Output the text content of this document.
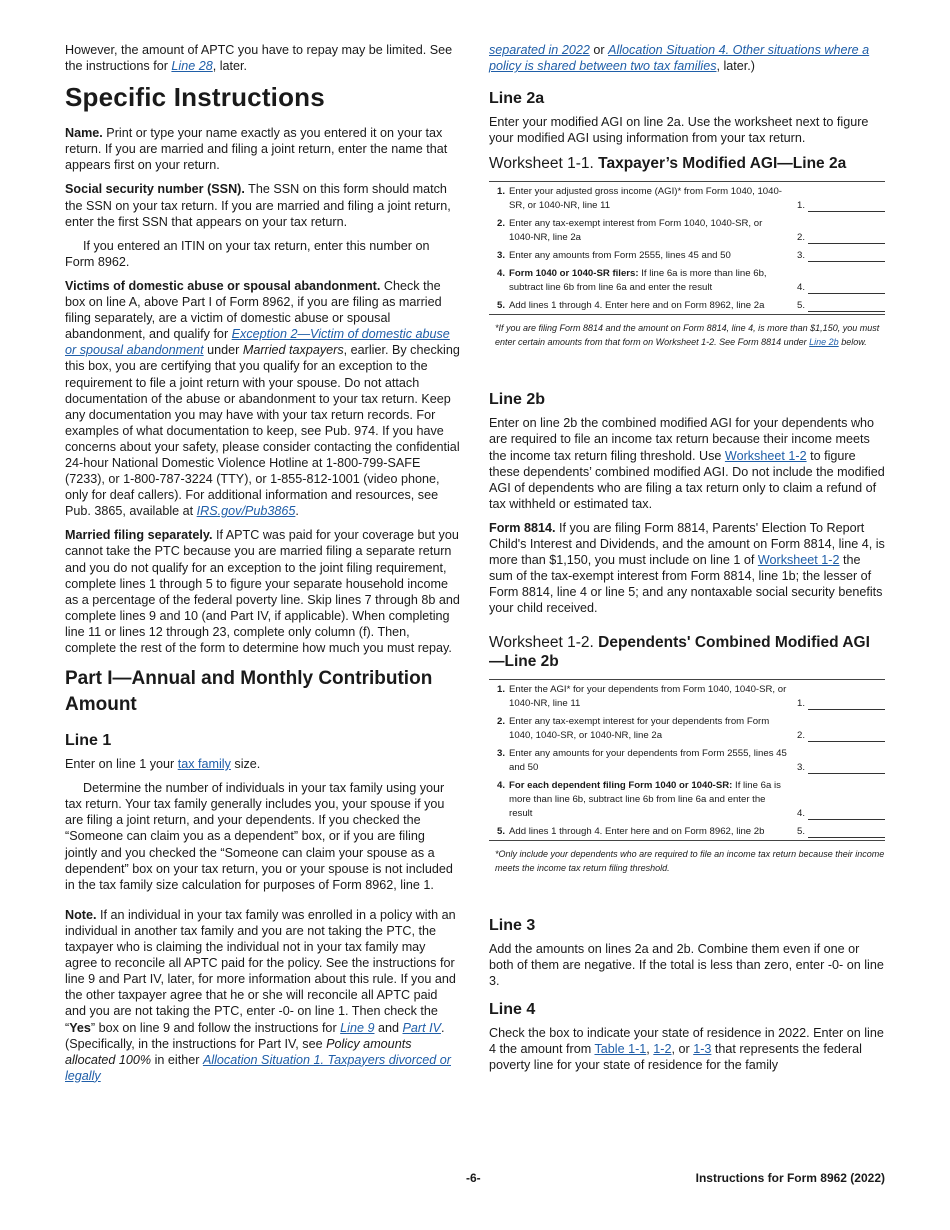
However, the amount of APTC you have to repay may be limited. See the instructions for Line 28, later.

Specific Instructions

Name. Print or type your name exactly as you entered it on your tax return. If you are married and filing a joint return, enter the name that appears first on your return.

Social security number (SSN). The SSN on this form should match the SSN on your tax return. If you are married and filing a joint return, enter the first SSN that appears on your tax return.

If you entered an ITIN on your tax return, enter this number on Form 8962.

Victims of domestic abuse or spousal abandonment. Check the box on line A, above Part I of Form 8962, if you are filing as married filing separately, are a victim of domestic abuse or spousal abandonment, and qualify for Exception 2—Victim of domestic abuse or spousal abandonment under Married taxpayers, earlier. By checking this box, you are certifying that you qualify for an exception to the requirement to file a joint return with your spouse. Do not attach documentation of the abuse or abandonment to your tax return. Keep any documentation you may have with your tax return records. For examples of what documentation to keep, see Pub. 974. If you have concerns about your safety, please consider contacting the confidential 24-hour National Domestic Violence Hotline at 1-800-799-SAFE (7233), or 1-800-787-3224 (TTY), or 1-855-812-1001 (video phone, only for deaf callers). For additional information and resources, see Pub. 3865, available at IRS.gov/Pub3865.

Married filing separately. If APTC was paid for your coverage but you cannot take the PTC because you are married filing a separate return and you do not qualify for an exception to the joint filing requirement, complete lines 1 through 5 to figure your separate household income as a percentage of the federal poverty line. Skip lines 7 through 8b and complete lines 9 and 10 (and Part IV, if applicable). When completing line 11 or lines 12 through 23, complete only column (f). Then, complete the rest of the form to determine how much you must repay.

Part I—Annual and Monthly Contribution Amount
Line 1

Enter on line 1 your tax family size.

Determine the number of individuals in your tax family using your tax return. Your tax family generally includes you, your spouse if you are filing a joint return, and your dependents. If you checked the “Someone can claim you as a dependent” box, or if you are filing jointly and you checked the “Someone can claim your spouse as a dependent” box on your tax return, you or your spouse is not included in the tax family size calculation for purposes of Form 8962, line 1.

Note. If an individual in your tax family was enrolled in a policy with an individual in another tax family and you are not taking the PTC, the taxpayer who is claiming the individual not in your tax family may agree to reconcile all APTC paid for the policy. See the instructions for line 9 and Part IV, later, for more information about this rule. If you and the other taxpayer agree that he or she will reconcile all APTC paid and you are not taking the PTC, enter -0- on line 1. Then check the “Yes” box on line 9 and follow the instructions for Line 9 and Part IV. (Specifically, in the instructions for Part IV, see Policy amounts allocated 100% in either Allocation Situation 1. Taxpayers divorced or legally

separated in 2022 or Allocation Situation 4. Other situations where a policy is shared between two tax families, later.)

Line 2a

Enter your modified AGI on line 2a. Use the worksheet next to figure your modified AGI using information from your tax return.

Worksheet 1-1. Taxpayer’s Modified AGI—Line 2a
1. Enter your adjusted gross income (AGI)* from Form 1040, 1040-SR, or 1040-NR, line 11	1.
2. Enter any tax-exempt interest from Form 1040, 1040-SR, or 1040-NR, line 2a	2.
3. Enter any amounts from Form 2555, lines 45 and 50	3.
4. Form 1040 or 1040-SR filers: If line 6a is more than line 6b, subtract line 6b from line 6a and enter the result	4.
5. Add lines 1 through 4. Enter here and on Form 8962, line 2a	5.
*If you are filing Form 8814 and the amount on Form 8814, line 4, is more than $1,150, you must enter certain amounts from that form on Worksheet 1-2. See Form 8814 under Line 2b below.
Line 2b

Enter on line 2b the combined modified AGI for your dependents who are required to file an income tax return because their income meets the income tax return filing threshold. Use Worksheet 1-2 to figure these dependents’ combined modified AGI. Do not include the modified AGI of dependents who are filing a tax return only to claim a refund of tax withheld or estimated tax.

Form 8814. If you are filing Form 8814, Parents' Election To Report Child's Interest and Dividends, and the amount on Form 8814, line 4, is more than $1,150, you must include on line 1 of Worksheet 1-2 the sum of the tax-exempt interest from Form 8814, line 1b; the lesser of Form 8814, line 4 or line 5; and any nontaxable social security benefits your child received.

Worksheet 1-2. Dependents' Combined Modified AGI—Line 2b
1. Enter the AGI* for your dependents from Form 1040, 1040-SR, or 1040-NR, line 11	1.
2. Enter any tax-exempt interest for your dependents from Form 1040, 1040-SR, or 1040-NR, line 2a	2.
3. Enter any amounts for your dependents from Form 2555, lines 45 and 50	3.
4. For each dependent filing Form 1040 or 1040-SR: If line 6a is more than line 6b, subtract line 6b from line 6a and enter the result	4.
5. Add lines 1 through 4. Enter here and on Form 8962, line 2b	5.
*Only include your dependents who are required to file an income tax return because their income meets the income tax return filing threshold.
Line 3

Add the amounts on lines 2a and 2b. Combine them even if one or both of them are negative. If the total is less than zero, enter -0- on line 3.

Line 4

Check the box to indicate your state of residence in 2022. Enter on line 4 the amount from Table 1-1, 1-2, or 1-3 that represents the federal poverty line for your state of residence for the family

-6-	Instructions for Form 8962 (2022)
